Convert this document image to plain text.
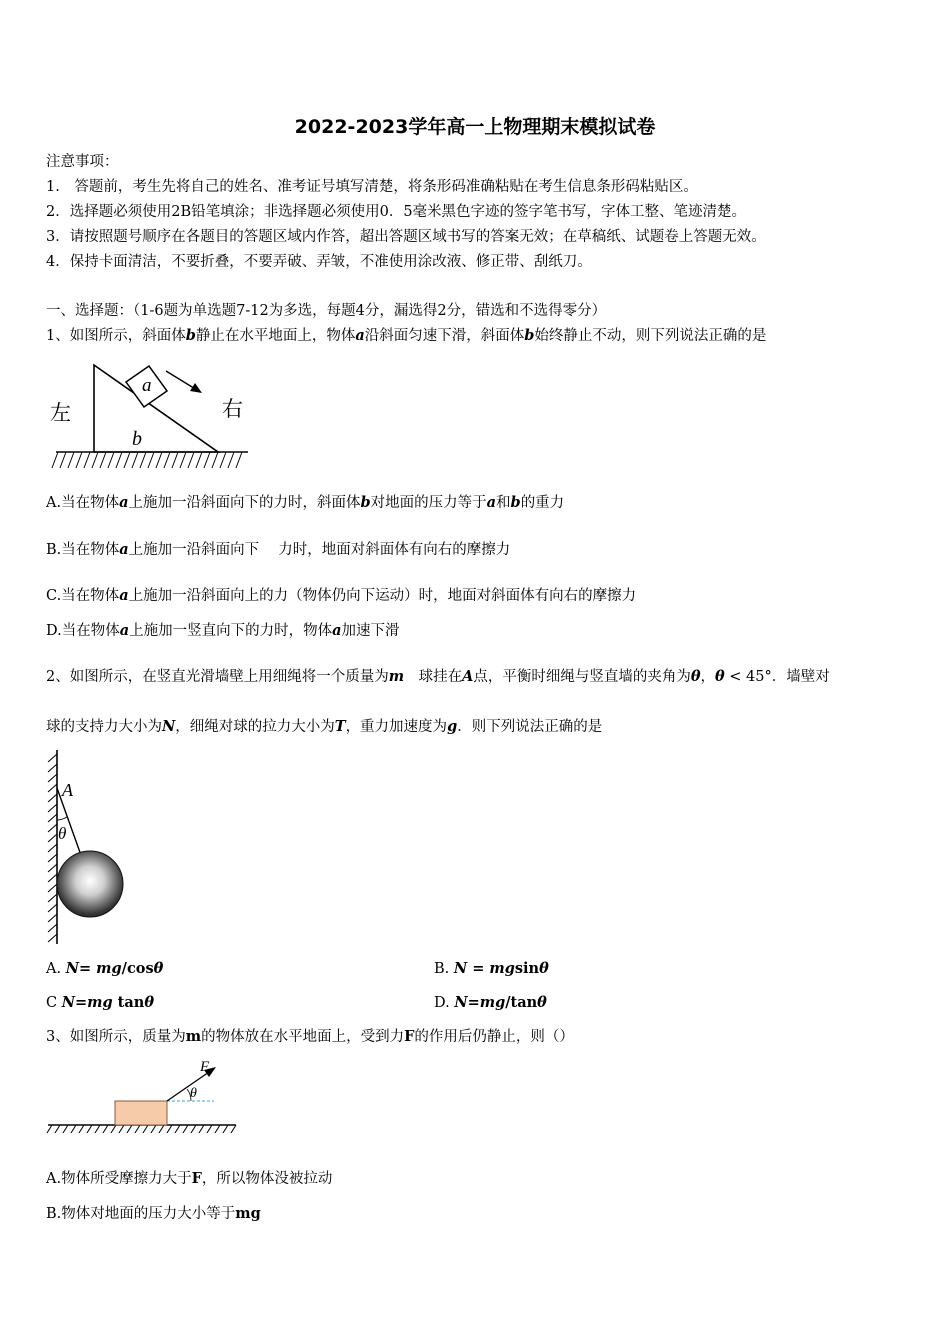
2022-2023学年高一上物理期末模拟试卷
注意事项：
1.　答题前，考生先将自己的姓名、准考证号填写清楚，将条形码准确粘贴在考生信息条形码粘贴区。
2．选择题必须使用2B铅笔填涂；非选择题必须使用0．5毫米黑色字迹的签字笔书写，字体工整、笔迹清楚。
3．请按照题号顺序在各题目的答题区域内作答，超出答题区域书写的答案无效；在草稿纸、试题卷上答题无效。
4．保持卡面清洁，不要折叠，不要弄破、弄皱，不准使用涂改液、修正带、刮纸刀。
一、选择题：（1-6题为单选题7-12为多选，每题4分，漏选得2分，错选和不选得零分）
1、如图所示，斜面体b静止在水平地面上，物体a沿斜面匀速下滑，斜面体b始终静止不动，则下列说法正确的是
a
b
左	右
A.当在物体a上施加一沿斜面向下的力时，斜面体b对地面的压力等于a和b的重力
B.当在物体a上施加一沿斜面向下　 力时，地面对斜面体有向右的摩擦力
C.当在物体a上施加一沿斜面向上的力（物体仍向下运动）时，地面对斜面体有向右的摩擦力
D.当在物体a上施加一竖直向下的力时，物体a加速下滑
2、如图所示，在竖直光滑墙壁上用细绳将一个质量为m　球挂在A点，平衡时细绳与竖直墙的夹角为θ，θ < 45°．墙壁对
球的支持力大小为N，细绳对球的拉力大小为T，重力加速度为g．则下列说法正确的是
A
θ
A. N= mg/cosθ	B. N = mgsinθ
C N=mg tanθ	D. N=mg/tanθ
3、如图所示，质量为m的物体放在水平地面上，受到力F的作用后仍静止，则（）
F
θ
A.物体所受摩擦力大于F，所以物体没被拉动
B.物体对地面的压力大小等于mg
